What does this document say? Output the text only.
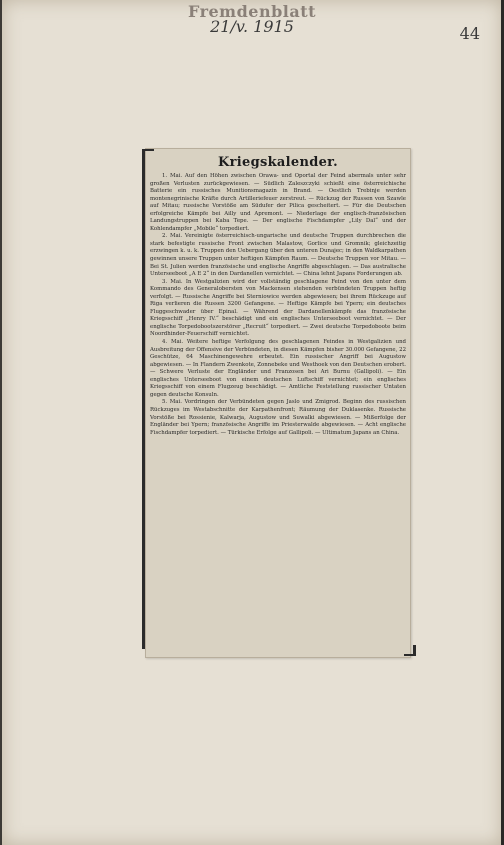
Fremdenblatt
21/v. 1915	44
Kriegskalender.

1. Mai. Auf den Höhen zwischen Orawa- und Oportal der Feind abermals unter sehr großen Verlusten zurückgewiesen. — Südlich Zaleszczyki schießt eine österreichische Batterie ein russisches Munitionsmagazin in Brand. — Oestlich Trebinje werden montenegrinische Kräfte durch Artilleriefeuer zerstreut. — Rückzug der Russen von Szawle auf Mitau; russische Vorstöße am Südufer der Pilica gescheitert. — Für die Deutschen erfolgreiche Kämpfe bei Ailly und Apremont. — Niederlage der englisch-französischen Landungstruppen bei Kaba Tepe. — Der englische Fischdampfer „Lily Dal“ und der Kohlendampfer „Mobile“ torpediert.

2. Mai. Vereinigte österreichisch-ungarische und deutsche Truppen durchbrechen die stark befestigte russische Front zwischen Malastow, Gorlice und Gromnik; gleichzeitig erzwingen k. u. k. Truppen den Uebergang über den unteren Dunajec; in den Waldkarpathen gewinnen unsere Truppen unter heftigen Kämpfen Raum. — Deutsche Truppen vor Mitau. — Bei St. Julien werden französische und englische Angriffe abgeschlagen. — Das australische Unterseeboot „A E 2“ in den Dardanellen vernichtet. — China lehnt Japans Forderungen ab.

3. Mai. In Westgalizien wird der vollständig geschlagene Feind von den unter dem Kommando des Generalobersten von Mackensen stehenden verbündeten Truppen heftig verfolgt. — Russische Angriffe bei Sterniowice werden abgewiesen; bei ihrem Rückzuge auf Riga verlieren die Russen 3200 Gefangene. — Heftige Kämpfe bei Ypern; ein deutsches Fluggeschwader über Epinal. — Während der Dardanellenkämpfe das französische Kriegsschiff „Henry IV.“ beschädigt und ein englisches Unterseeboot vernichtet. — Der englische Torpedobootszerstörer „Recruit“ torpediert. — Zwei deutsche Torpedoboote beim Noordhinder-Feuerschiff vernichtet.

4. Mai. Weitere heftige Verfolgung des geschlagenen Feindes in Westgalizien und Ausbreitung der Offensive der Verbündeten, in diesen Kämpfen bisher 30.000 Gefangene, 22 Geschütze, 64 Maschinengewehre erbeutet. Ein russischer Angriff bei Augustow abgewiesen. — In Flandern Zwenkote, Zonnebeke und Westhoek von den Deutschen erobert. — Schwere Verluste der Engländer und Franzosen bei Ari Burnu (Gallipoli). — Ein englisches Unterseeboot von einem deutschen Luftschiff vernichtet; ein englisches Kriegsschiff von einem Flugzeug beschädigt. — Amtliche Feststellung russischer Untaten gegen deutsche Konsuln.

5. Mai. Vordringen der Verbündeten gegen Jaslo und Zmigrod. Beginn des russischen Rückzuges im Westabschnitte der Karpathenfront; Räumung der Duklasenke. Russische Vorstöße bei Rossienie, Kalwarja, Augustow und Suwalki abgewiesen. — Mißerfolge der Engländer bei Ypern; französische Angriffe im Priesterwalde abgewiesen. — Acht englische Fischdampfer torpediert. — Türkische Erfolge auf Gallipoli. — Ultimatum Japans an China.
